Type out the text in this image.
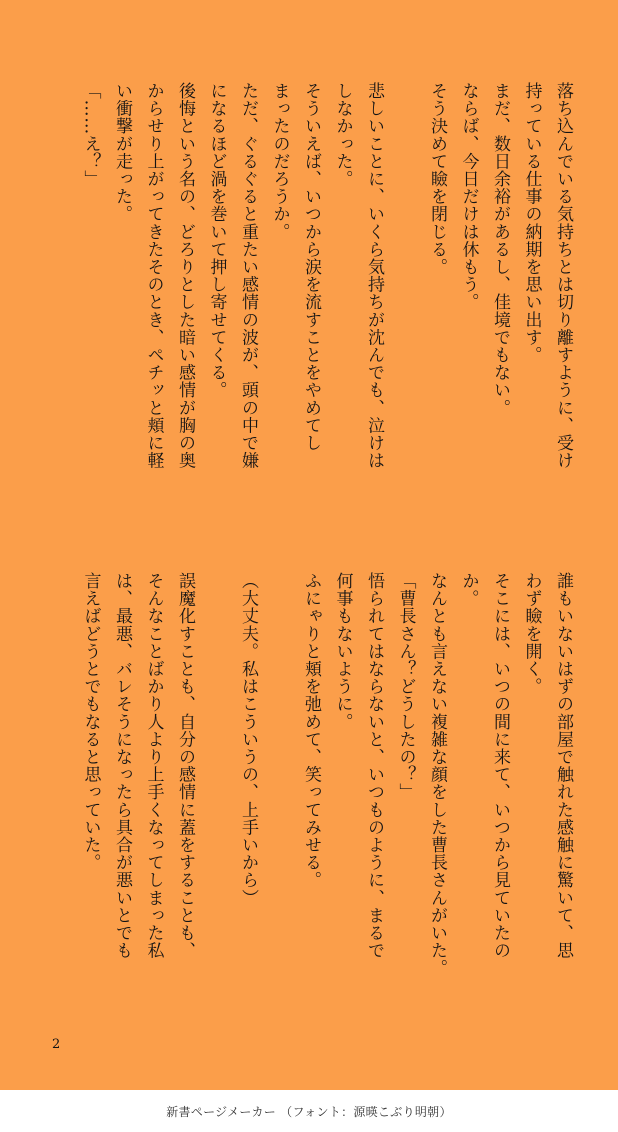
落ち込んでいる気持ちとは切り離すように、受け
持っている仕事の納期を思い出す。
まだ、数日余裕があるし、佳境でもない。
ならば、今日だけは休もう。
そう決めて瞼を閉じる。
悲しいことに、いくら気持ちが沈んでも、泣けは
しなかった。
そういえば、いつから涙を流すことをやめてし
まったのだろうか。
ただ、ぐるぐると重たい感情の波が、頭の中で嫌
になるほど渦を巻いて押し寄せてくる。
後悔という名の、どろりとした暗い感情が胸の奥
からせり上がってきたそのとき、ペチッと頬に軽
い衝撃が走った。
「……え？」
誰もいないはずの部屋で触れた感触に驚いて、思
わず瞼を開く。
そこには、いつの間に来て、いつから見ていたの
か。
なんとも言えない複雑な顔をした曹長さんがいた。
「曹長さん？どうしたの？」
悟られてはならないと、いつものように、まるで
何事もないように。
ふにゃりと頬を弛めて、笑ってみせる。
（大丈夫。私はこういうの、上手いから）
誤魔化すことも、自分の感情に蓋をすることも、
そんなことばかり人より上手くなってしまった私
は、最悪、バレそうになったら具合が悪いとでも
言えばどうとでもなると思っていた。
2
新書ページメーカー （フォント：源暎こぶり明朝）
